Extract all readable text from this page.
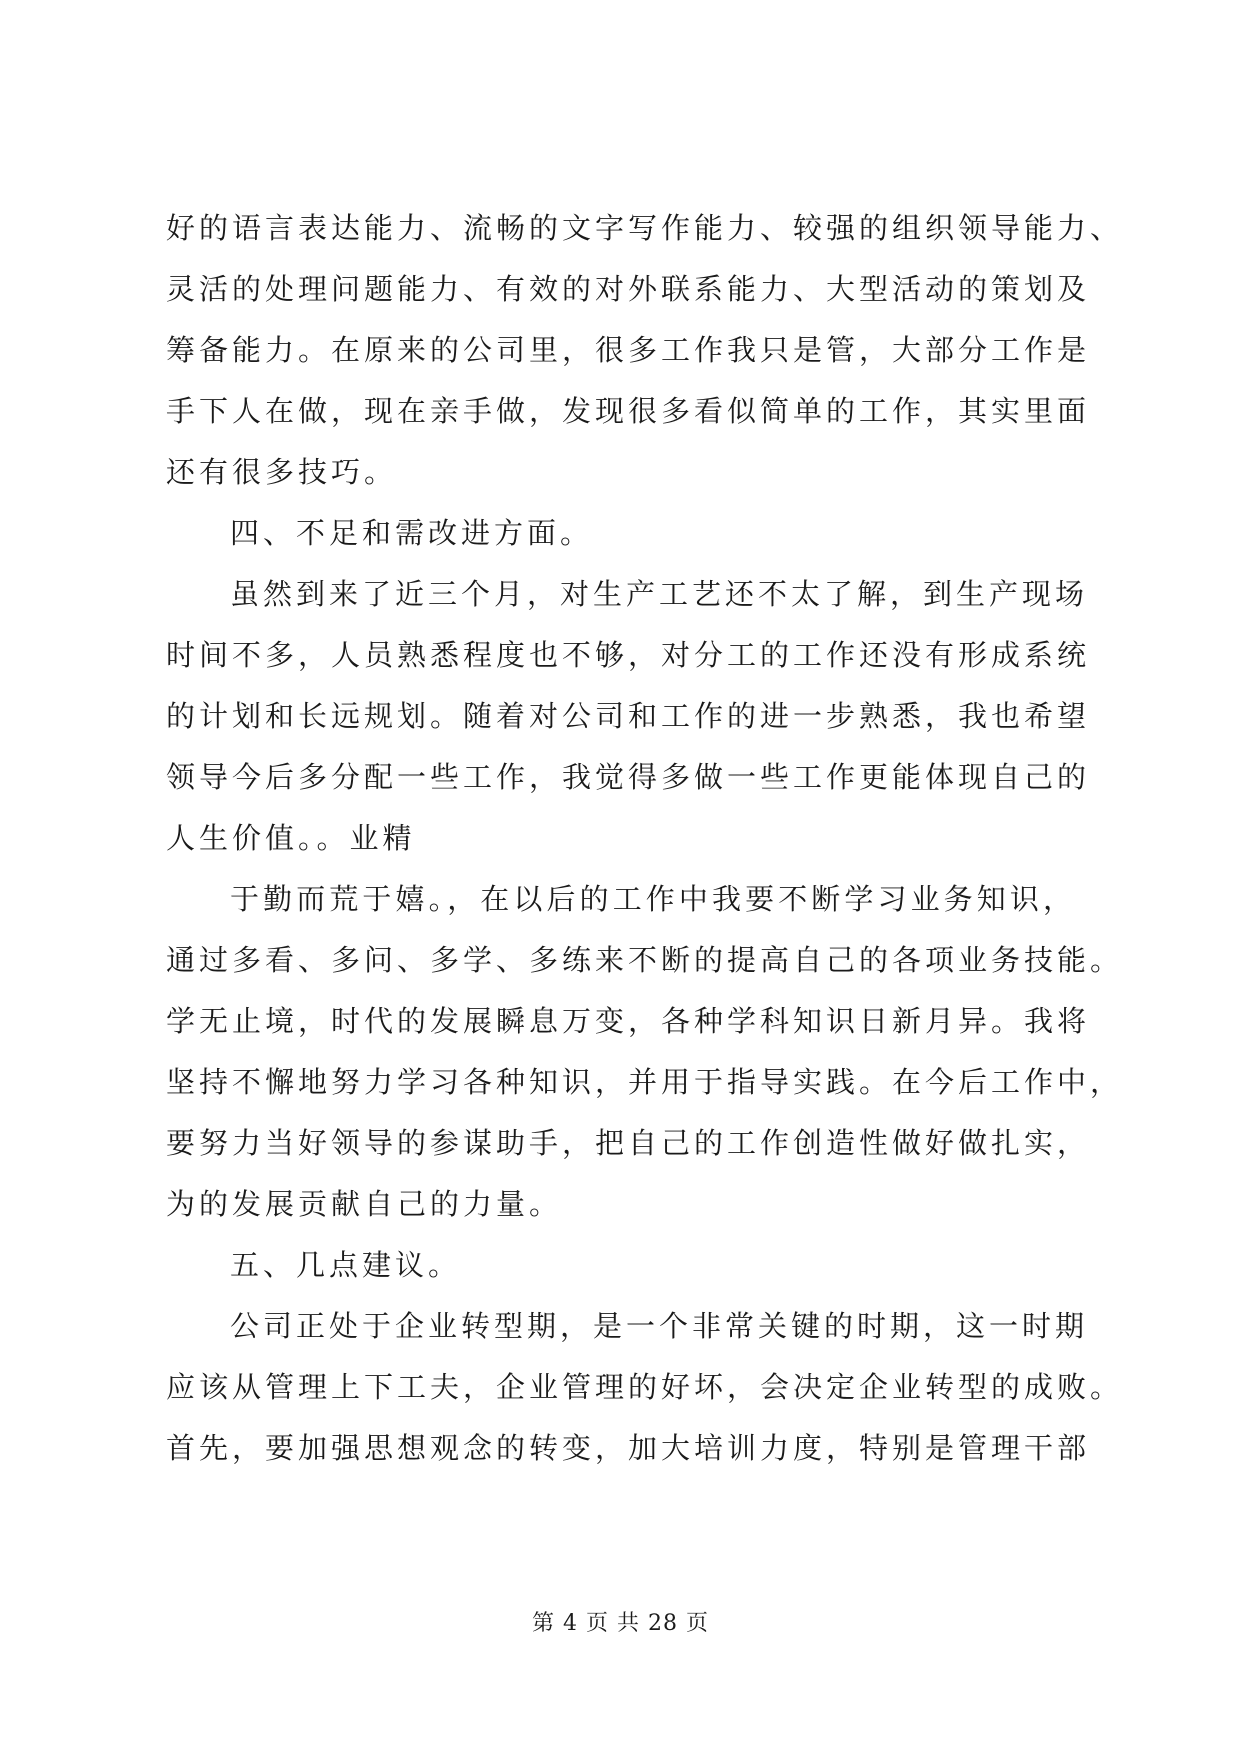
好的语言表达能力、流畅的文字写作能力、较强的组织领导能力、
灵活的处理问题能力、有效的对外联系能力、大型活动的策划及
筹备能力。在原来的公司里，很多工作我只是管，大部分工作是
手下人在做，现在亲手做，发现很多看似简单的工作，其实里面
还有很多技巧。
四、不足和需改进方面。
虽然到来了近三个月，对生产工艺还不太了解，到生产现场
时间不多，人员熟悉程度也不够，对分工的工作还没有形成系统
的计划和长远规划。随着对公司和工作的进一步熟悉，我也希望
领导今后多分配一些工作，我觉得多做一些工作更能体现自己的
人生价值。。业精
于勤而荒于嬉。，在以后的工作中我要不断学习业务知识，
通过多看、多问、多学、多练来不断的提高自己的各项业务技能。
学无止境，时代的发展瞬息万变，各种学科知识日新月异。我将
坚持不懈地努力学习各种知识，并用于指导实践。在今后工作中，
要努力当好领导的参谋助手，把自己的工作创造性做好做扎实，
为的发展贡献自己的力量。
五、几点建议。
公司正处于企业转型期，是一个非常关键的时期，这一时期
应该从管理上下工夫，企业管理的好坏，会决定企业转型的成败。
首先，要加强思想观念的转变，加大培训力度，特别是管理干部
第 4 页 共 28 页
